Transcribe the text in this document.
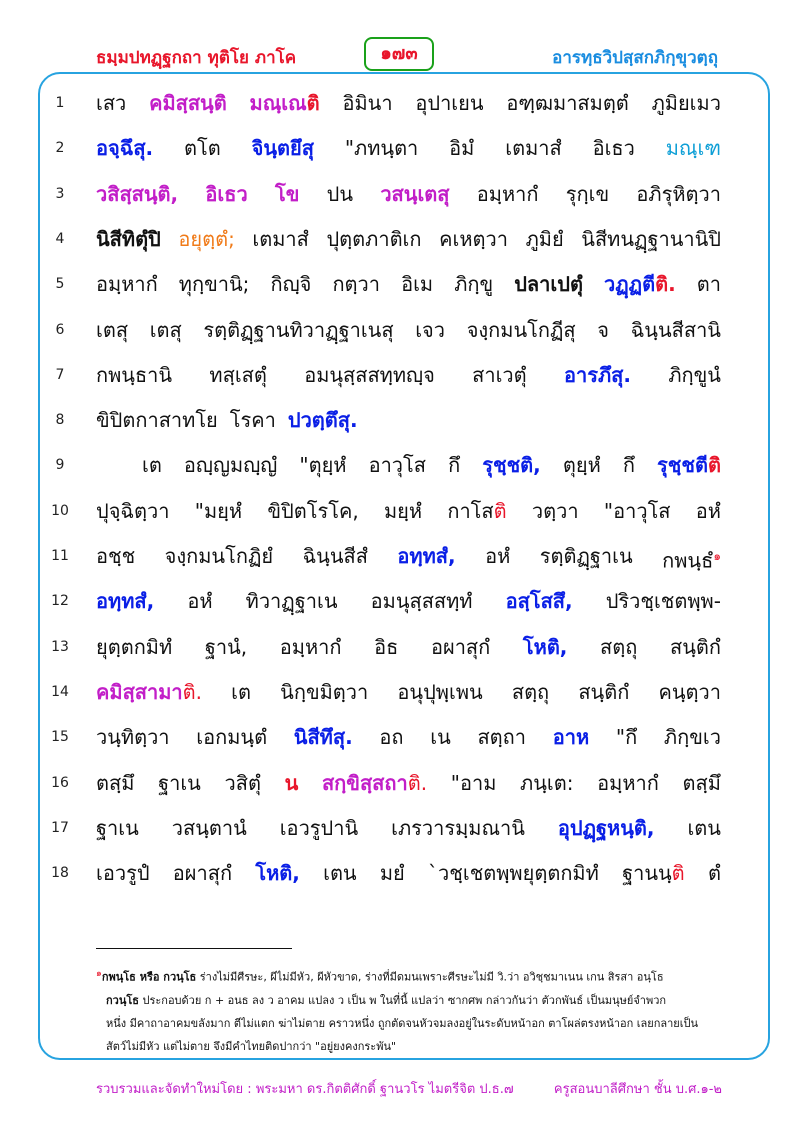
ธมฺมปทฏฺฐกถา ทุติโย ภาโค	๑๗๓	อารทฺธวิปสฺสกภิกฺขุวตฺถุ
1	เสว คมิสฺสนฺติ มณฺเณติ อิมินา อุปาเยน อฑฺฒมาสมตฺตํ ภูมิยเมว
2	อจฺฉึสุ. ตโต จินฺตยึสุ "ภทนฺตา อิมํ เตมาสํ อิเธว มณฺเฑ
3	วสิสฺสนฺติ, อิเธว โข ปน วสนฺเตสุ อมฺหากํ รุกฺเข อภิรุหิตฺวา
4	นิสีทิตุํปิ อยุตฺตํ; เตมาสํ ปุตฺตภาติเก คเหตฺวา ภูมิยํ นิสีทนฏฺฐานานิปิ
5	อมฺหากํ ทุกฺขานิ; กิญฺจิ กตฺวา อิเม ภิกฺขู ปลาเปตุํ วฏฺฏตีติ. ตา
6	เตสุ เตสุ รตฺติฏฺฐานทิวาฏฺฐาเนสุ เจว จงฺกมนโกฏีสุ จ ฉินฺนสีสานิ
7	กพนฺธานิ ทสฺเสตุํ อมนุสฺสสทฺทญฺจ สาเวตุํ อารภึสุ. ภิกฺขูนํ
8	ขิปิตกาสาทโย โรคา ปวตฺตึสุ.
9	เต อญฺญมญฺญํ "ตุยฺหํ อาวุโส กึ รุชฺชติ, ตุยฺหํ กึ รุชฺชตีติ
10	ปุจฺฉิตฺวา "มยฺหํ ขิปิตโรโค, มยฺหํ กาโสติ วตฺวา "อาวุโส อหํ
11	อชฺช จงฺกมนโกฏิยํ ฉินฺนสีสํ อทฺทสํ, อหํ รตฺติฏฺฐาเน กพนฺธํ$^๑$
12	อทฺทสํ, อหํ ทิวาฏฺฐาเน อมนุสฺสสทฺทํ อสฺโสสึ, ปริวชฺเชตพฺพ-
13	ยุตฺตกมิทํ ฐานํ, อมฺหากํ อิธ อผาสุกํ โหติ, สตฺถุ สนฺติกํ
14	คมิสฺสามาติ. เต นิกฺขมิตฺวา อนุปุพฺเพน สตฺถุ สนฺติกํ คนฺตฺวา
15	วนฺทิตฺวา เอกมนฺตํ นิสีทึสุ. อถ เน สตฺถา อาห "กึ ภิกฺขเว
16	ตสฺมึ ฐาเน วสิตุํ น สกฺขิสฺสถาติ. "อาม ภนฺเต: อมฺหากํ ตสฺมึ
17	ฐาเน วสนฺตานํ เอวรูปานิ เภรวารมฺมณานิ อุปฏฺฐหนฺติ, เตน
18	เอวรูปํ อผาสุกํ โหติ, เตน มยํ `วชฺเชตพฺพยุตฺตกมิทํ ฐานนฺติ ตํ
$^๑$กพนฺโธ หรือ กวนฺโธ ร่างไม่มีศีรษะ, ผีไม่มีหัว, ผีหัวขาด, ร่างที่มีดมนเพราะศีรษะไม่มี วิ.ว่า อวิชฺชมาเนน เกน สิรสา อนฺโธ
กวนฺโธ ประกอบด้วย ก + อนธ ลง ว อาคม แปลง ว เป็น พ ในที่นี้ แปลว่า ซากศพ กล่าวกันว่า ตัวกพันธ์ เป็นมนุษย์จำพวก
หนึ่ง มีคาถาอาคมขลังมาก ตีไม่แตก ฆ่าไม่ตาย คราวหนึ่ง ถูกตัดจนหัวจมลงอยู่ในระดับหน้าอก ตาโผล่ตรงหน้าอก เลยกลายเป็น
สัตว์ไม่มีหัว แต่ไม่ตาย จึงมีคำไทยติดปากว่า "อยู่ยงคงกระพัน"
รวบรวมและจัดทำใหม่โดย : พระมหา ดร.กิตติศักดิ์ ฐานวโร ไมตรีจิต ป.ธ.๗	ครูสอนบาลีศึกษา ชั้น บ.ศ.๑-๒
